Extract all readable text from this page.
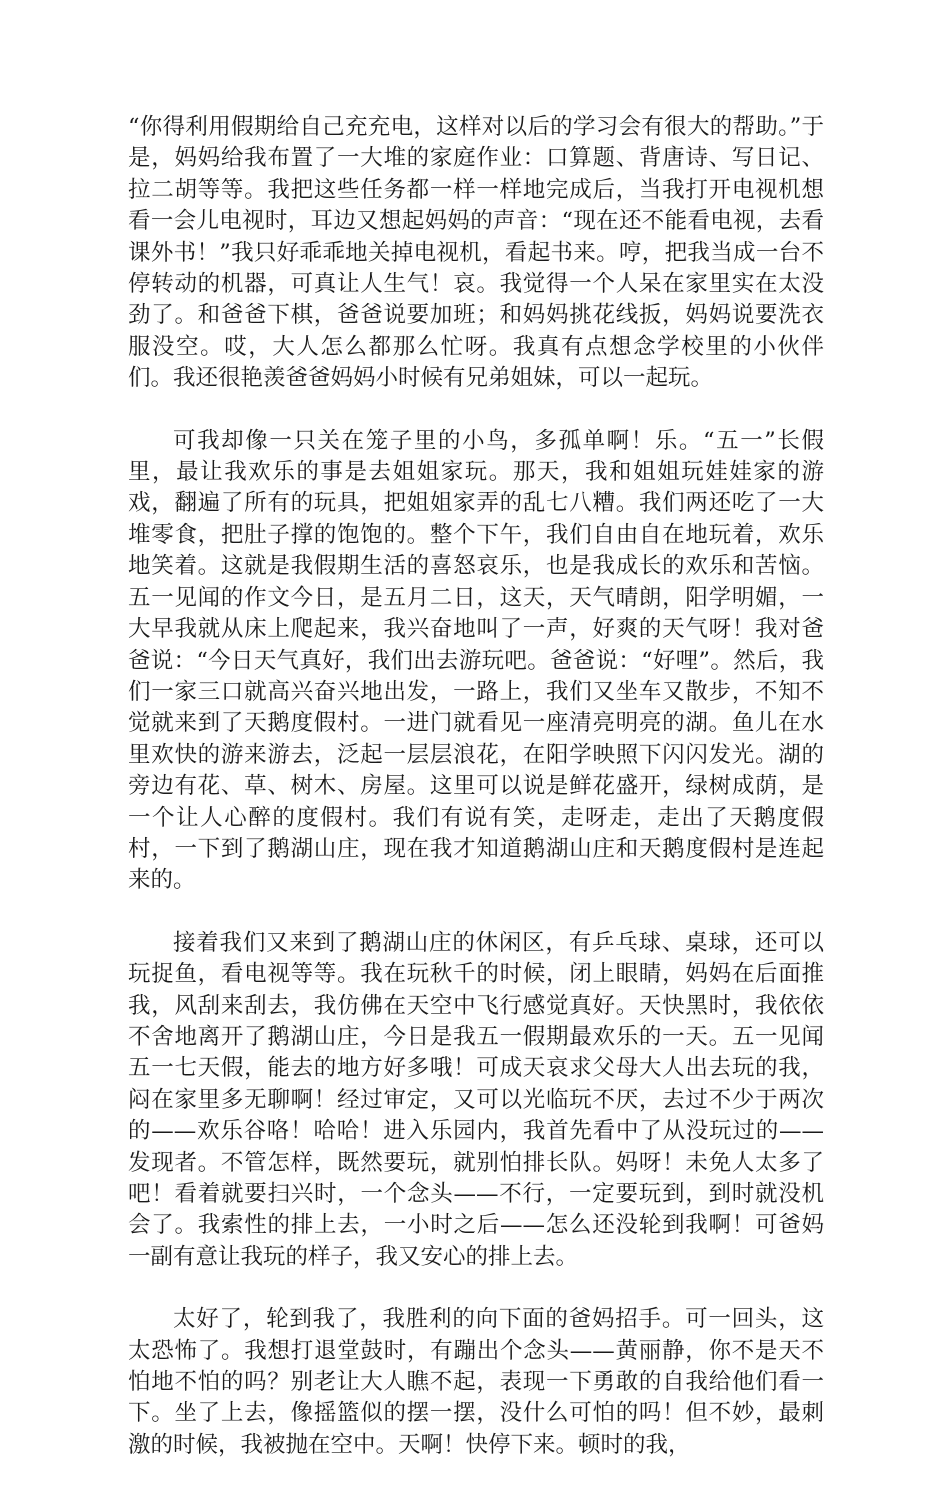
“你得利用假期给自己充充电，这样对以后的学习会有很大的帮助。”于是，妈妈给我布置了一大堆的家庭作业：口算题、背唐诗、写日记、拉二胡等等。我把这些任务都一样一样地完成后，当我打开电视机想看一会儿电视时，耳边又想起妈妈的声音：“现在还不能看电视，去看课外书！”我只好乖乖地关掉电视机，看起书来。哼，把我当成一台不停转动的机器，可真让人生气！哀。我觉得一个人呆在家里实在太没劲了。和爸爸下棋，爸爸说要加班；和妈妈挑花线扳，妈妈说要洗衣服没空。哎，大人怎么都那么忙呀。我真有点想念学校里的小伙伴们。我还很艳羡爸爸妈妈小时候有兄弟姐妹，可以一起玩。

可我却像一只关在笼子里的小鸟，多孤单啊！乐。“五一”长假里，最让我欢乐的事是去姐姐家玩。那天，我和姐姐玩娃娃家的游戏，翻遍了所有的玩具，把姐姐家弄的乱七八糟。我们两还吃了一大堆零食，把肚子撑的饱饱的。整个下午，我们自由自在地玩着，欢乐地笑着。这就是我假期生活的喜怒哀乐，也是我成长的欢乐和苦恼。五一见闻的作文今日，是五月二日，这天，天气晴朗，阳学明媚，一大早我就从床上爬起来，我兴奋地叫了一声，好爽的天气呀！我对爸爸说：“今日天气真好，我们出去游玩吧。爸爸说：“好哩”。然后，我们一家三口就高兴奋兴地出发，一路上，我们又坐车又散步，不知不觉就来到了天鹅度假村。一进门就看见一座清亮明亮的湖。鱼儿在水里欢快的游来游去，泛起一层层浪花，在阳学映照下闪闪发光。湖的旁边有花、草、树木、房屋。这里可以说是鲜花盛开，绿树成荫，是一个让人心醉的度假村。我们有说有笑，走呀走，走出了天鹅度假村，一下到了鹅湖山庄，现在我才知道鹅湖山庄和天鹅度假村是连起来的。

接着我们又来到了鹅湖山庄的休闲区，有乒乓球、桌球，还可以玩捉鱼，看电视等等。我在玩秋千的时候，闭上眼睛，妈妈在后面推我，风刮来刮去，我仿佛在天空中飞行感觉真好。天快黑时，我依依不舍地离开了鹅湖山庄，今日是我五一假期最欢乐的一天。五一见闻五一七天假，能去的地方好多哦！可成天哀求父母大人出去玩的我，闷在家里多无聊啊！经过审定，又可以光临玩不厌，去过不少于两次的——欢乐谷咯！哈哈！进入乐园内，我首先看中了从没玩过的——发现者。不管怎样，既然要玩，就别怕排长队。妈呀！未免人太多了吧！看着就要扫兴时，一个念头——不行，一定要玩到，到时就没机会了。我索性的排上去，一小时之后——怎么还没轮到我啊！可爸妈一副有意让我玩的样子，我又安心的排上去。

太好了，轮到我了，我胜利的向下面的爸妈招手。可一回头，这太恐怖了。我想打退堂鼓时，有蹦出个念头——黄丽静，你不是天不怕地不怕的吗？别老让大人瞧不起，表现一下勇敢的自我给他们看一下。坐了上去，像摇篮似的摆一摆，没什么可怕的吗！但不妙，最刺激的时候，我被抛在空中。天啊！快停下来。顿时的我，
